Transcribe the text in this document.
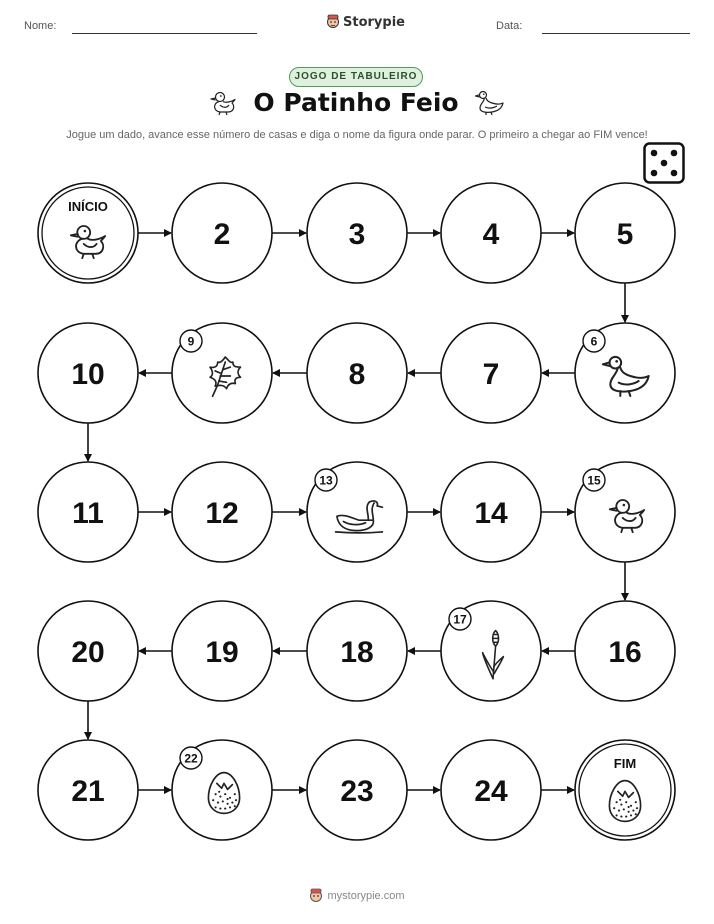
Nome:	Storypie	Data:
JOGO DE TABULEIRO
O Patinho Feio
Jogue um dado, avance esse número de casas e diga o nome da figura onde parar. O primeiro a chegar ao FIM vence!
INÍCIO
2	3	4	5
6
7
8
9
10
11	12
13
14
15
16
17
18
19
20
21
22
23	24
FIM
mystorypie.com
